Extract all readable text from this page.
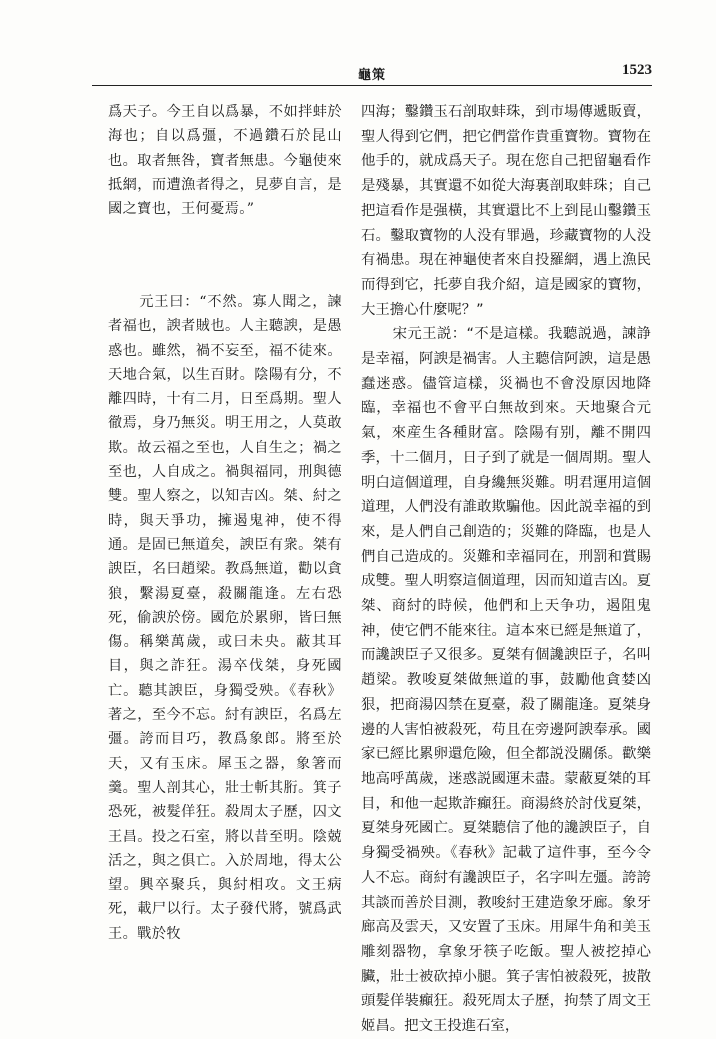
龜策	1523

爲天子。今王自以爲暴，不如拌蚌於海也；自以爲彊，不過鑽石於昆山也。取者無咎，寶者無患。今龜使來抵網，而遭漁者得之，見夢自言，是國之寶也，王何憂焉。”

元王曰：“不然。寡人聞之，諫者福也，諛者賊也。人主聽諛，是愚惑也。雖然，禍不妄至，福不徒來。天地合氣，以生百財。陰陽有分，不離四時，十有二月，日至爲期。聖人徹焉，身乃無災。明王用之，人莫敢欺。故云福之至也，人自生之；禍之至也，人自成之。禍與福同，刑與德雙。聖人察之，以知吉凶。桀、紂之時，與天爭功，擁遏鬼神，使不得通。是固已無道矣，諛臣有衆。桀有諛臣，名曰趙梁。教爲無道，勸以貪狼，繫湯夏臺，殺關龍逢。左右恐死，偷諛於傍。國危於累卵，皆曰無傷。稱樂萬歲，或曰未央。蔽其耳目，與之詐狂。湯卒伐桀，身死國亡。聽其諛臣，身獨受殃。《春秋》著之，至今不忘。紂有諛臣，名爲左彊。誇而目巧，教爲象郎。將至於天，又有玉床。犀玉之器，象箸而羹。聖人剖其心，壯士斬其胻。箕子恐死，被髮佯狂。殺周太子歷，囚文王昌。投之石室，將以昔至明。陰兢活之，與之俱亡。入於周地，得太公望。興卒聚兵，與紂相攻。文王病死，載尸以行。太子發代將，號爲武王。戰於牧

四海；鑿鑽玉石剖取蚌珠，到市場傳遞販賣，聖人得到它們，把它們當作貴重寶物。寶物在他手的，就成爲天子。現在您自己把留龜看作是殘暴，其實還不如從大海裏剖取蚌珠；自己把這看作是强橫，其實還比不上到昆山鑿鑽玉石。鑿取寶物的人没有罪過，珍藏寶物的人没有禍患。現在神龜使者來自投羅網，遇上漁民而得到它，托夢自我介紹，這是國家的寶物，大王擔心什麼呢？”

宋元王説：“不是這樣。我聽説過，諫諍是幸福，阿諛是禍害。人主聽信阿諛，這是愚蠢迷惑。儘管這樣，災禍也不會没原因地降臨，幸福也不會平白無故到來。天地聚合元氣，來産生各種財富。陰陽有别，離不開四季，十二個月，日子到了就是一個周期。聖人明白這個道理，自身纔無災難。明君運用這個道理，人們没有誰敢欺騙他。因此説幸福的到來，是人們自己創造的；災難的降臨，也是人們自己造成的。災難和幸福同在，刑罰和賞賜成雙。聖人明察這個道理，因而知道吉凶。夏桀、商紂的時候，他們和上天争功，遏阻鬼神，使它們不能來往。這本來已經是無道了，而讒諛臣子又很多。夏桀有個讒諛臣子，名叫趙梁。教唆夏桀做無道的事，鼓勵他貪婪凶狠，把商湯囚禁在夏臺，殺了關龍逢。夏桀身邊的人害怕被殺死，苟且在旁邊阿諛奉承。國家已經比累卵還危險，但全都説没關係。歡樂地高呼萬歲，迷惑説國運未盡。蒙蔽夏桀的耳目，和他一起欺詐癲狂。商湯終於討伐夏桀，夏桀身死國亡。夏桀聽信了他的讒諛臣子，自身獨受禍殃。《春秋》記載了這件事，至今令人不忘。商紂有讒諛臣子，名字叫左彊。誇誇其談而善於目測，教唆紂王建造象牙廊。象牙廊高及雲天，又安置了玉床。用犀牛角和美玉雕刻器物，拿象牙筷子吃飯。聖人被挖掉心臟，壯士被砍掉小腿。箕子害怕被殺死，披散頭髮佯裝癲狂。殺死周太子歷，拘禁了周文王姬昌。把文王投進石室，
